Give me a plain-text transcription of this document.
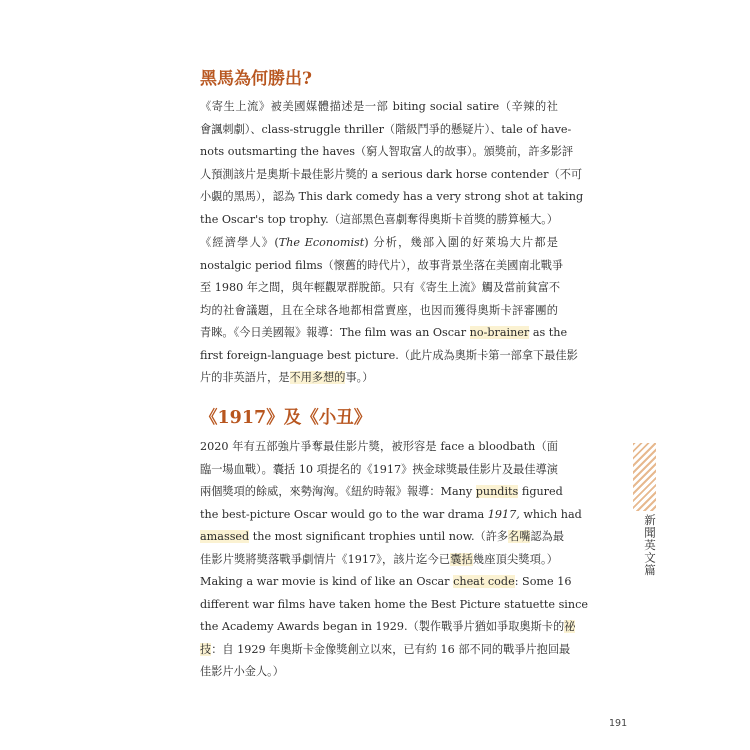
黑馬為何勝出?
《寄生上流》被美國媒體描述是一部 biting social satire（辛辣的社
會諷刺劇）、class-struggle thriller（階級鬥爭的懸疑片）、tale of have-
nots outsmarting the haves（窮人智取富人的故事）。頒獎前，許多影評
人預測該片是奧斯卡最佳影片獎的 a serious dark horse contender（不可
小覷的黑馬），認為 This dark comedy has a very strong shot at taking
the Oscar's top trophy.（這部黑色喜劇奪得奧斯卡首獎的勝算極大。）
《經濟學人》(The Economist) 分析，幾部入圍的好萊塢大片都是
nostalgic period films（懷舊的時代片），故事背景坐落在美國南北戰爭
至 1980 年之間，與年輕觀眾群脫節。只有《寄生上流》觸及當前貧富不
均的社會議題，且在全球各地都相當賣座，也因而獲得奧斯卡評審團的
青睞。《今日美國報》報導：The film was an Oscar no-brainer as the
first foreign-language best picture.（此片成為奧斯卡第一部拿下最佳影
片的非英語片，是不用多想的事。）
《1917》及《小丑》
2020 年有五部強片爭奪最佳影片獎，被形容是 face a bloodbath（面
臨一場血戰）。囊括 10 項提名的《1917》挾金球獎最佳影片及最佳導演
兩個獎項的餘威，來勢洶洶。《紐約時報》報導：Many pundits figured
the best-picture Oscar would go to the war drama 1917, which had
amassed the most significant trophies until now.（許多名嘴認為最
佳影片獎將獎落戰爭劇情片《1917》，該片迄今已囊括幾座頂尖獎項。）
Making a war movie is kind of like an Oscar cheat code: Some 16
different war films have taken home the Best Picture statuette since
the Academy Awards began in 1929.（製作戰爭片猶如爭取奧斯卡的祕
技：自 1929 年奧斯卡金像獎創立以來，已有約 16 部不同的戰爭片抱回最
佳影片小金人。）
新聞英文篇
191
